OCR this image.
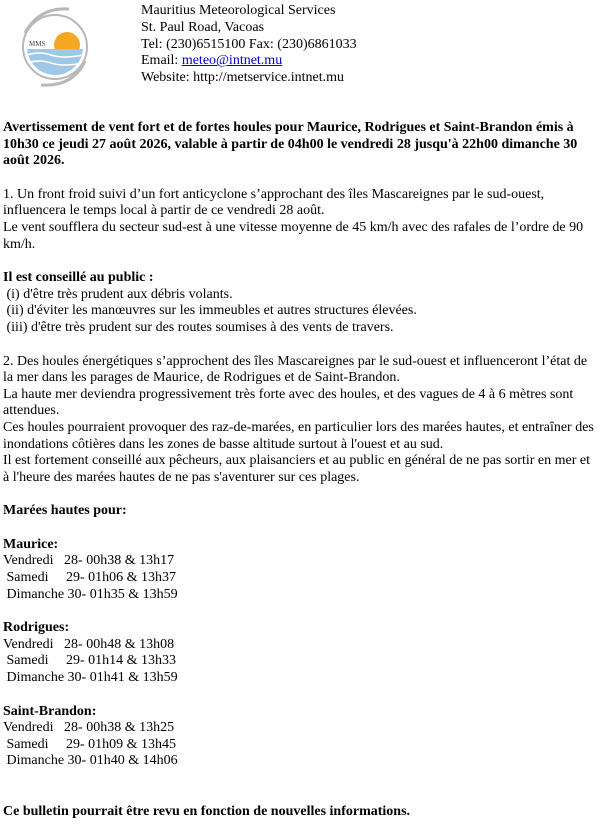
MMS
Mauritius Meteorological Services
St. Paul Road, Vacoas
Tel: (230)6515100 Fax: (230)6861033
Email: meteo@intnet.mu
Website: http://metservice.intnet.mu

Avertissement de vent fort et de fortes houles pour Maurice, Rodrigues et Saint-Brandon émis à 10h30 ce jeudi 27 août 2026, valable à partir de 04h00 le vendredi 28 jusqu'à 22h00 dimanche 30 août 2026.

1. Un front froid suivi d’un fort anticyclone s’approchant des îles Mascareignes par le sud-ouest, influencera le temps local à partir de ce vendredi 28 août.

Le vent soufflera du secteur sud-est à une vitesse moyenne de 45 km/h avec des rafales de l’ordre de 90 km/h.

Il est conseillé au public :

(i) d'être très prudent aux débris volants.

(ii) d'éviter les manœuvres sur les immeubles et autres structures élevées.

(iii) d'être très prudent sur des routes soumises à des vents de travers.

2. Des houles énergétiques s’approchent des îles Mascareignes par le sud-ouest et influenceront l’état de la mer dans les parages de Maurice, de Rodrigues et de Saint-Brandon.

La haute mer deviendra progressivement très forte avec des houles, et des vagues de 4 à 6 mètres sont attendues.

Ces houles pourraient provoquer des raz-de-marées, en particulier lors des marées hautes, et entraîner des inondations côtières dans les zones de basse altitude surtout à l'ouest et au sud.

Il est fortement conseillé aux pêcheurs, aux plaisanciers et au public en général de ne pas sortir en mer et à l'heure des marées hautes de ne pas s'aventurer sur ces plages.

Marées hautes pour:

Maurice:

Vendredi   28- 00h38 & 13h17

Samedi     29- 01h06 & 13h37

Dimanche 30- 01h35 & 13h59

Rodrigues:

Vendredi   28- 00h48 & 13h08

Samedi     29- 01h14 & 13h33

Dimanche 30- 01h41 & 13h59

Saint-Brandon:

Vendredi   28- 00h38 & 13h25

Samedi     29- 01h09 & 13h45

Dimanche 30- 01h40 & 14h06

Ce bulletin pourrait être revu en fonction de nouvelles informations.
